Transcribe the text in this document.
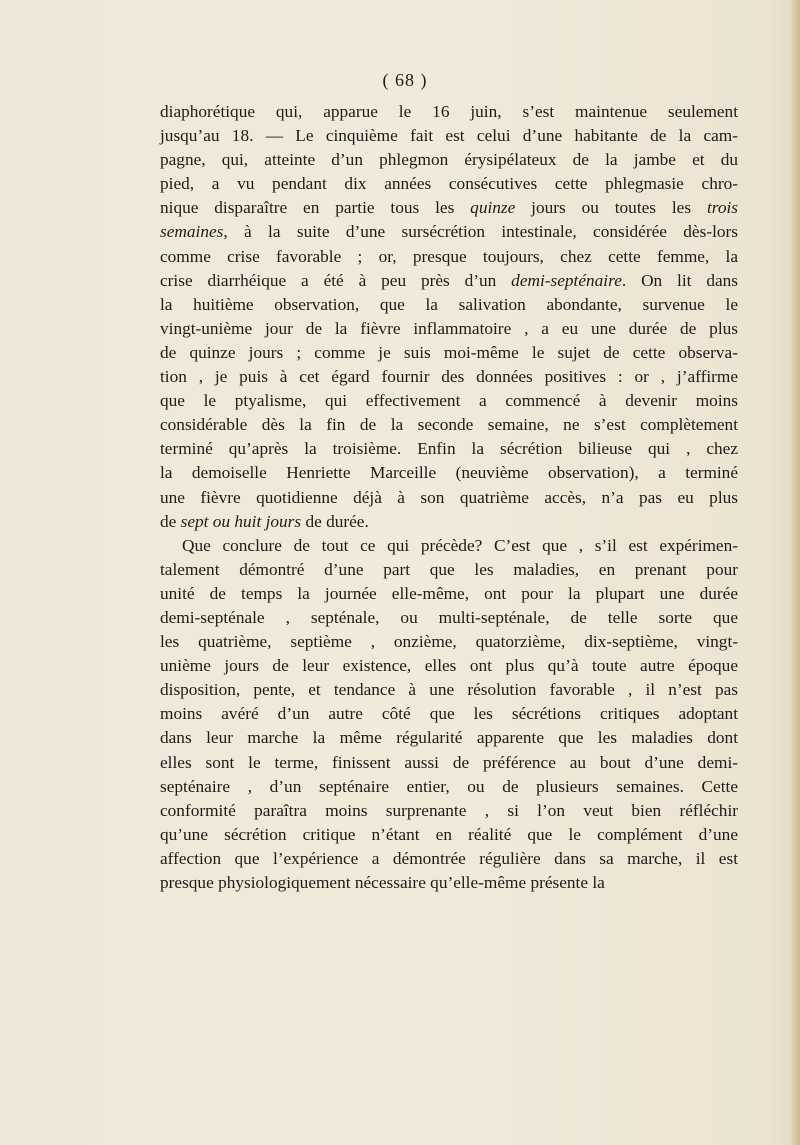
( 68 )
diaphorétique qui, apparue le 16 juin, s’est maintenue seulement
jusqu’au 18. — Le cinquième fait est celui d’une habitante de la cam-
pagne, qui, atteinte d’un phlegmon érysipélateux de la jambe et du
pied, a vu pendant dix années consécutives cette phlegmasie chro-
nique disparaître en partie tous les quinze jours ou toutes les trois
semaines, à la suite d’une sursécrétion intestinale, considérée dès-lors
comme crise favorable ; or, presque toujours, chez cette femme, la
crise diarrhéique a été à peu près d’un demi-septénaire. On lit dans
la huitième observation, que la salivation abondante, survenue le
vingt-unième jour de la fièvre inflammatoire , a eu une durée de plus
de quinze jours ; comme je suis moi-même le sujet de cette observa-
tion , je puis à cet égard fournir des données positives : or , j’affirme
que le ptyalisme, qui effectivement a commencé à devenir moins
considérable dès la fin de la seconde semaine, ne s’est complètement
terminé qu’après la troisième. Enfin la sécrétion bilieuse qui , chez
la demoiselle Henriette Marceille (neuvième observation), a terminé
une fièvre quotidienne déjà à son quatrième accès, n’a pas eu plus
de sept ou huit jours de durée.
Que conclure de tout ce qui précède? C’est que , s’il est expérimen-
talement démontré d’une part que les maladies, en prenant pour
unité de temps la journée elle-même, ont pour la plupart une durée
demi-septénale , septénale, ou multi-septénale, de telle sorte que
les quatrième, septième , onzième, quatorzième, dix-septième, vingt-
unième jours de leur existence, elles ont plus qu’à toute autre époque
disposition, pente, et tendance à une résolution favorable , il n’est pas
moins avéré d’un autre côté que les sécrétions critiques adoptant
dans leur marche la même régularité apparente que les maladies dont
elles sont le terme, finissent aussi de préférence au bout d’une demi-
septénaire , d’un septénaire entier, ou de plusieurs semaines. Cette
conformité paraîtra moins surprenante , si l’on veut bien réfléchir
qu’une sécrétion critique n’étant en réalité que le complément d’une
affection que l’expérience a démontrée régulière dans sa marche, il est
presque physiologiquement nécessaire qu’elle-même présente la
